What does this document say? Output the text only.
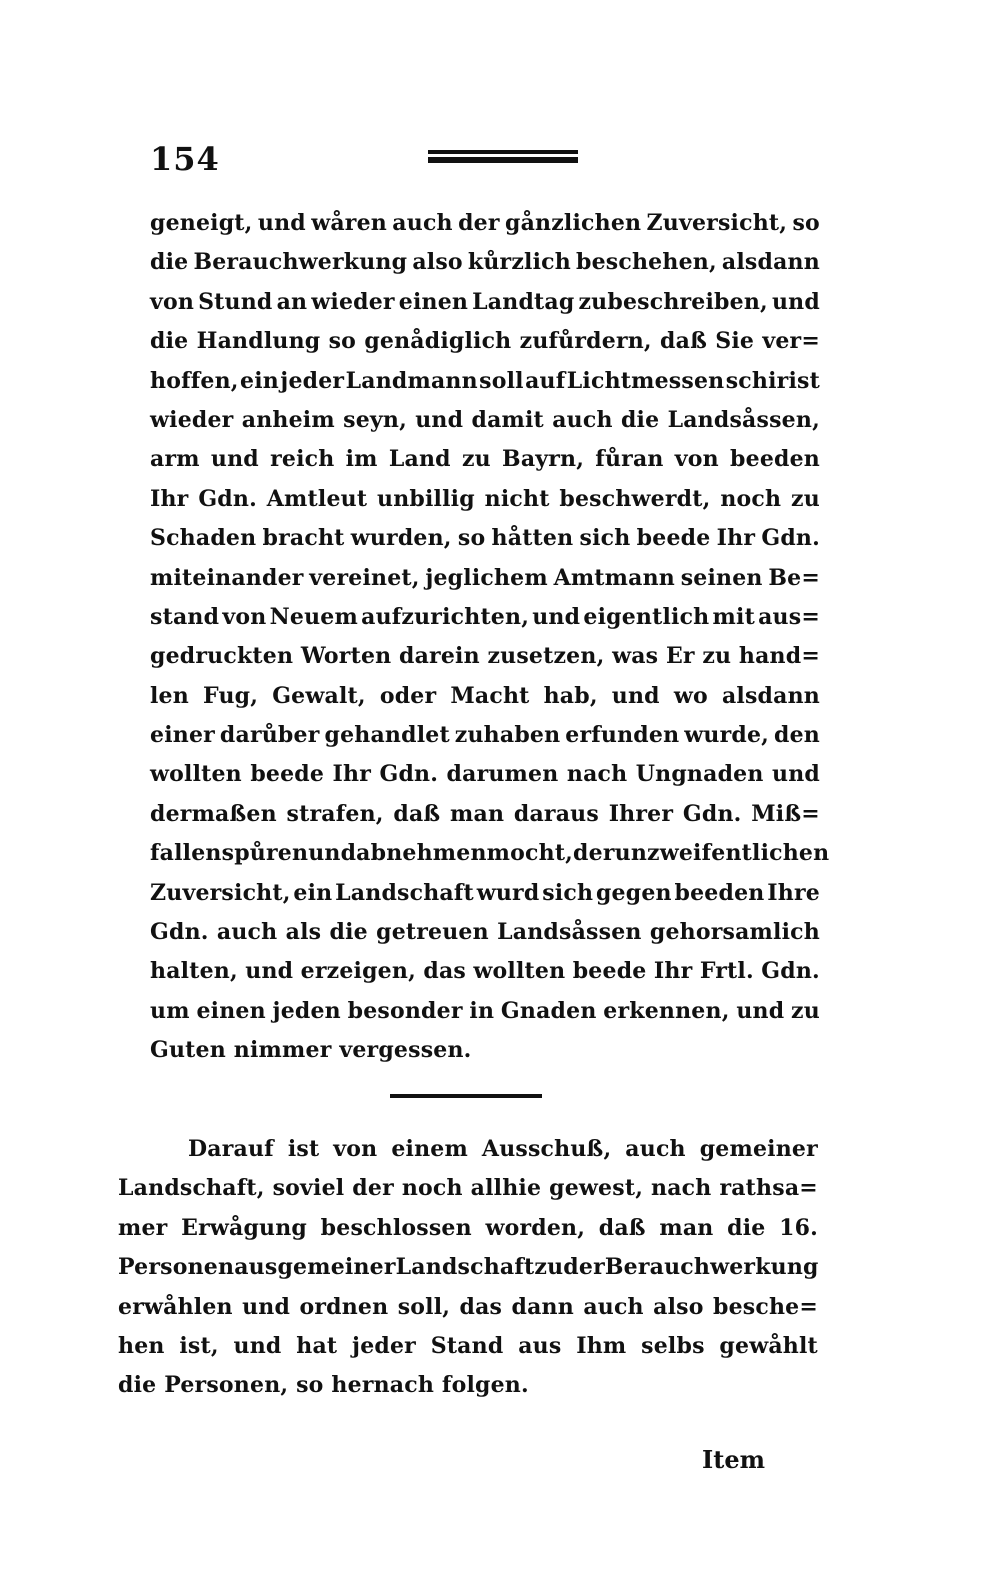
154
geneigt, und wåren auch der gånzlichen Zuversicht, so
die Berauchwerkung also kůrzlich beschehen, alsdann
von Stund an wieder einen Landtag zubeschreiben, und
die Handlung so genådiglich zufůrdern, daß Sie ver=
hoffen, ein jeder Landmann soll auf Lichtmessen schirist
wieder anheim seyn, und damit auch die Landsåssen,
arm und reich im Land zu Bayrn, fůran von beeden
Ihr Gdn. Amtleut unbillig nicht beschwerdt, noch zu
Schaden bracht wurden, so håtten sich beede Ihr Gdn.
miteinander vereinet, jeglichem Amtmann seinen Be=
stand von Neuem aufzurichten, und eigentlich mit aus=
gedruckten Worten darein zusetzen, was Er zu hand=
len Fug, Gewalt, oder Macht hab, und wo alsdann
einer darůber gehandlet zuhaben erfunden wurde, den
wollten beede Ihr Gdn. darumen nach Ungnaden und
dermaßen strafen, daß man daraus Ihrer Gdn. Miß=
fallen spůren und abnehmen mocht, der unzweifentlichen
Zuversicht, ein Landschaft wurd sich gegen beeden Ihre
Gdn. auch als die getreuen Landsåssen gehorsamlich
halten, und erzeigen, das wollten beede Ihr Frtl. Gdn.
um einen jeden besonder in Gnaden erkennen, und zu
Guten nimmer vergessen.
Darauf ist von einem Ausschuß, auch gemeiner
Landschaft, soviel der noch allhie gewest, nach rathsa=
mer Erwågung beschlossen worden, daß man die 16.
Personen aus gemeiner Landschaft zu der Berauchwerkung
erwåhlen und ordnen soll, das dann auch also besche=
hen ist, und hat jeder Stand aus Ihm selbs gewåhlt
die Personen, so hernach folgen.
Item
